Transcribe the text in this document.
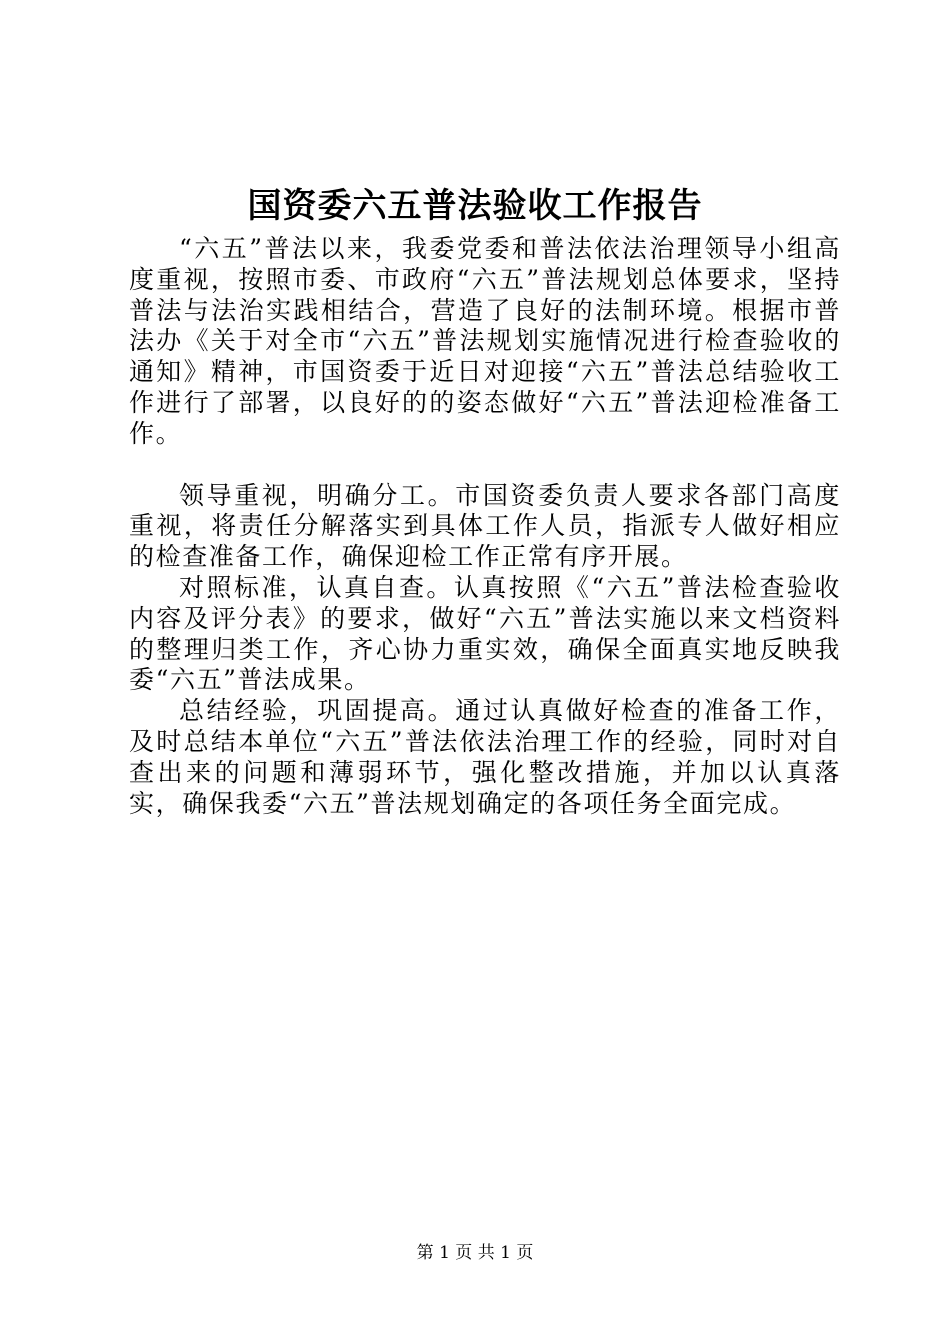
国资委六五普法验收工作报告

“六五”普法以来，我委党委和普法依法治理领导小组高度重视，按照市委、市政府“六五”普法规划总体要求，坚持普法与法治实践相结合，营造了良好的法制环境。根据市普法办《关于对全市“六五”普法规划实施情况进行检查验收的通知》精神，市国资委于近日对迎接“六五”普法总结验收工作进行了部署，以良好的的姿态做好“六五”普法迎检准备工作。

领导重视，明确分工。市国资委负责人要求各部门高度重视，将责任分解落实到具体工作人员，指派专人做好相应的检查准备工作，确保迎检工作正常有序开展。

对照标准，认真自查。认真按照《“六五”普法检查验收内容及评分表》的要求，做好“六五”普法实施以来文档资料的整理归类工作，齐心协力重实效，确保全面真实地反映我委“六五”普法成果。

总结经验，巩固提高。通过认真做好检查的准备工作，及时总结本单位“六五”普法依法治理工作的经验，同时对自查出来的问题和薄弱环节，强化整改措施，并加以认真落实，确保我委“六五”普法规划确定的各项任务全面完成。

第 1 页 共 1 页
